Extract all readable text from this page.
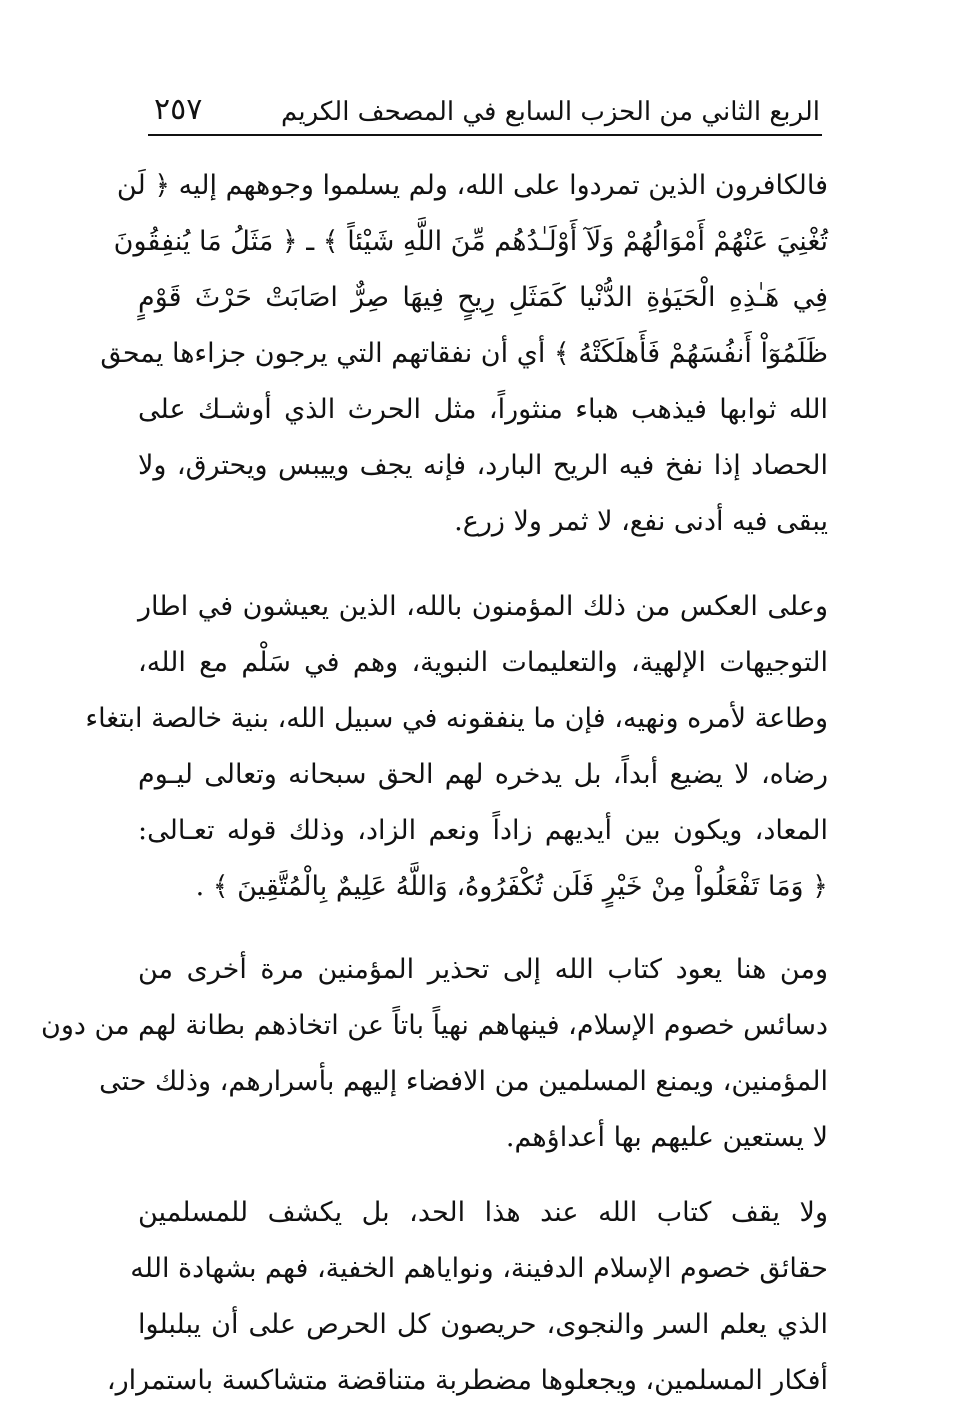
الربع الثاني من الحزب السابع في المصحف الكريم
٢٥٧
فالكافرون الذين تمردوا على الله، ولم يسلموا وجوههم إليه ﴿ لَن
تُغْنِيَ عَنْهُمْ أَمْوَالُهُمْ وَلَآ أَوْلَـٰدُهُم مِّنَ اللَّهِ شَيْئاً ﴾ ـ ﴿ مَثَلُ مَا يُنفِقُونَ
فِي هَـٰذِهِ الْحَيَوٰةِ الدُّنْيا كَمَثَلِ رِيحٍ فِيهَا صِرٌّ اصَابَتْ حَرْثَ قَوْمٍ
ظَلَمُوٓاْ أَنفُسَهُمْ فَأَهلَكَتْهُ ﴾ أي أن نفقاتهم التي يرجون جزاءها يمحق
الله ثوابها فيذهب هباء منثوراً، مثل الحرث الذي أوشـك على
الحصاد إذا نفخ فيه الريح البارد، فإنه يجف وييبس ويحترق، ولا
يبقى فيه أدنى نفع، لا ثمر ولا زرع.
وعلى العكس من ذلك المؤمنون بالله، الذين يعيشون في اطار
التوجيهات الإلهية، والتعليمات النبوية، وهم في سَلْم مع الله،
وطاعة لأمره ونهيه، فإن ما ينفقونه في سبيل الله، بنية خالصة ابتغاء
رضاه، لا يضيع أبداً، بل يدخره لهم الحق سبحانه وتعالى ليـوم
المعاد، ويكون بين أيديهم زاداً ونعم الزاد، وذلك قوله تعـالى:
﴿ وَمَا تَفْعَلُواْ مِنْ خَيْرٍ فَلَن تُكْفَرُوهُ، وَاللَّهُ عَلِيمٌ بِالْمُتَّقِينَ ﴾ .
ومن هنا يعود كتاب الله إلى تحذير المؤمنين مرة أخرى من
دسائس خصوم الإسلام، فينهاهم نهياً باتاً عن اتخاذهم بطانة لهم من دون
المؤمنين، ويمنع المسلمين من الافضاء إليهم بأسرارهم، وذلك حتى
لا يستعين عليهم بها أعداؤهم.
ولا يقف كتاب الله عند هذا الحد، بل يكشف للمسلمين
حقائق خصوم الإسلام الدفينة، ونواياهم الخفية، فهم بشهادة الله
الذي يعلم السر والنجوى، حريصون كل الحرص على أن يبلبلوا
أفكار المسلمين، ويجعلوها مضطربة متناقضة متشاكسة باستمرار،
